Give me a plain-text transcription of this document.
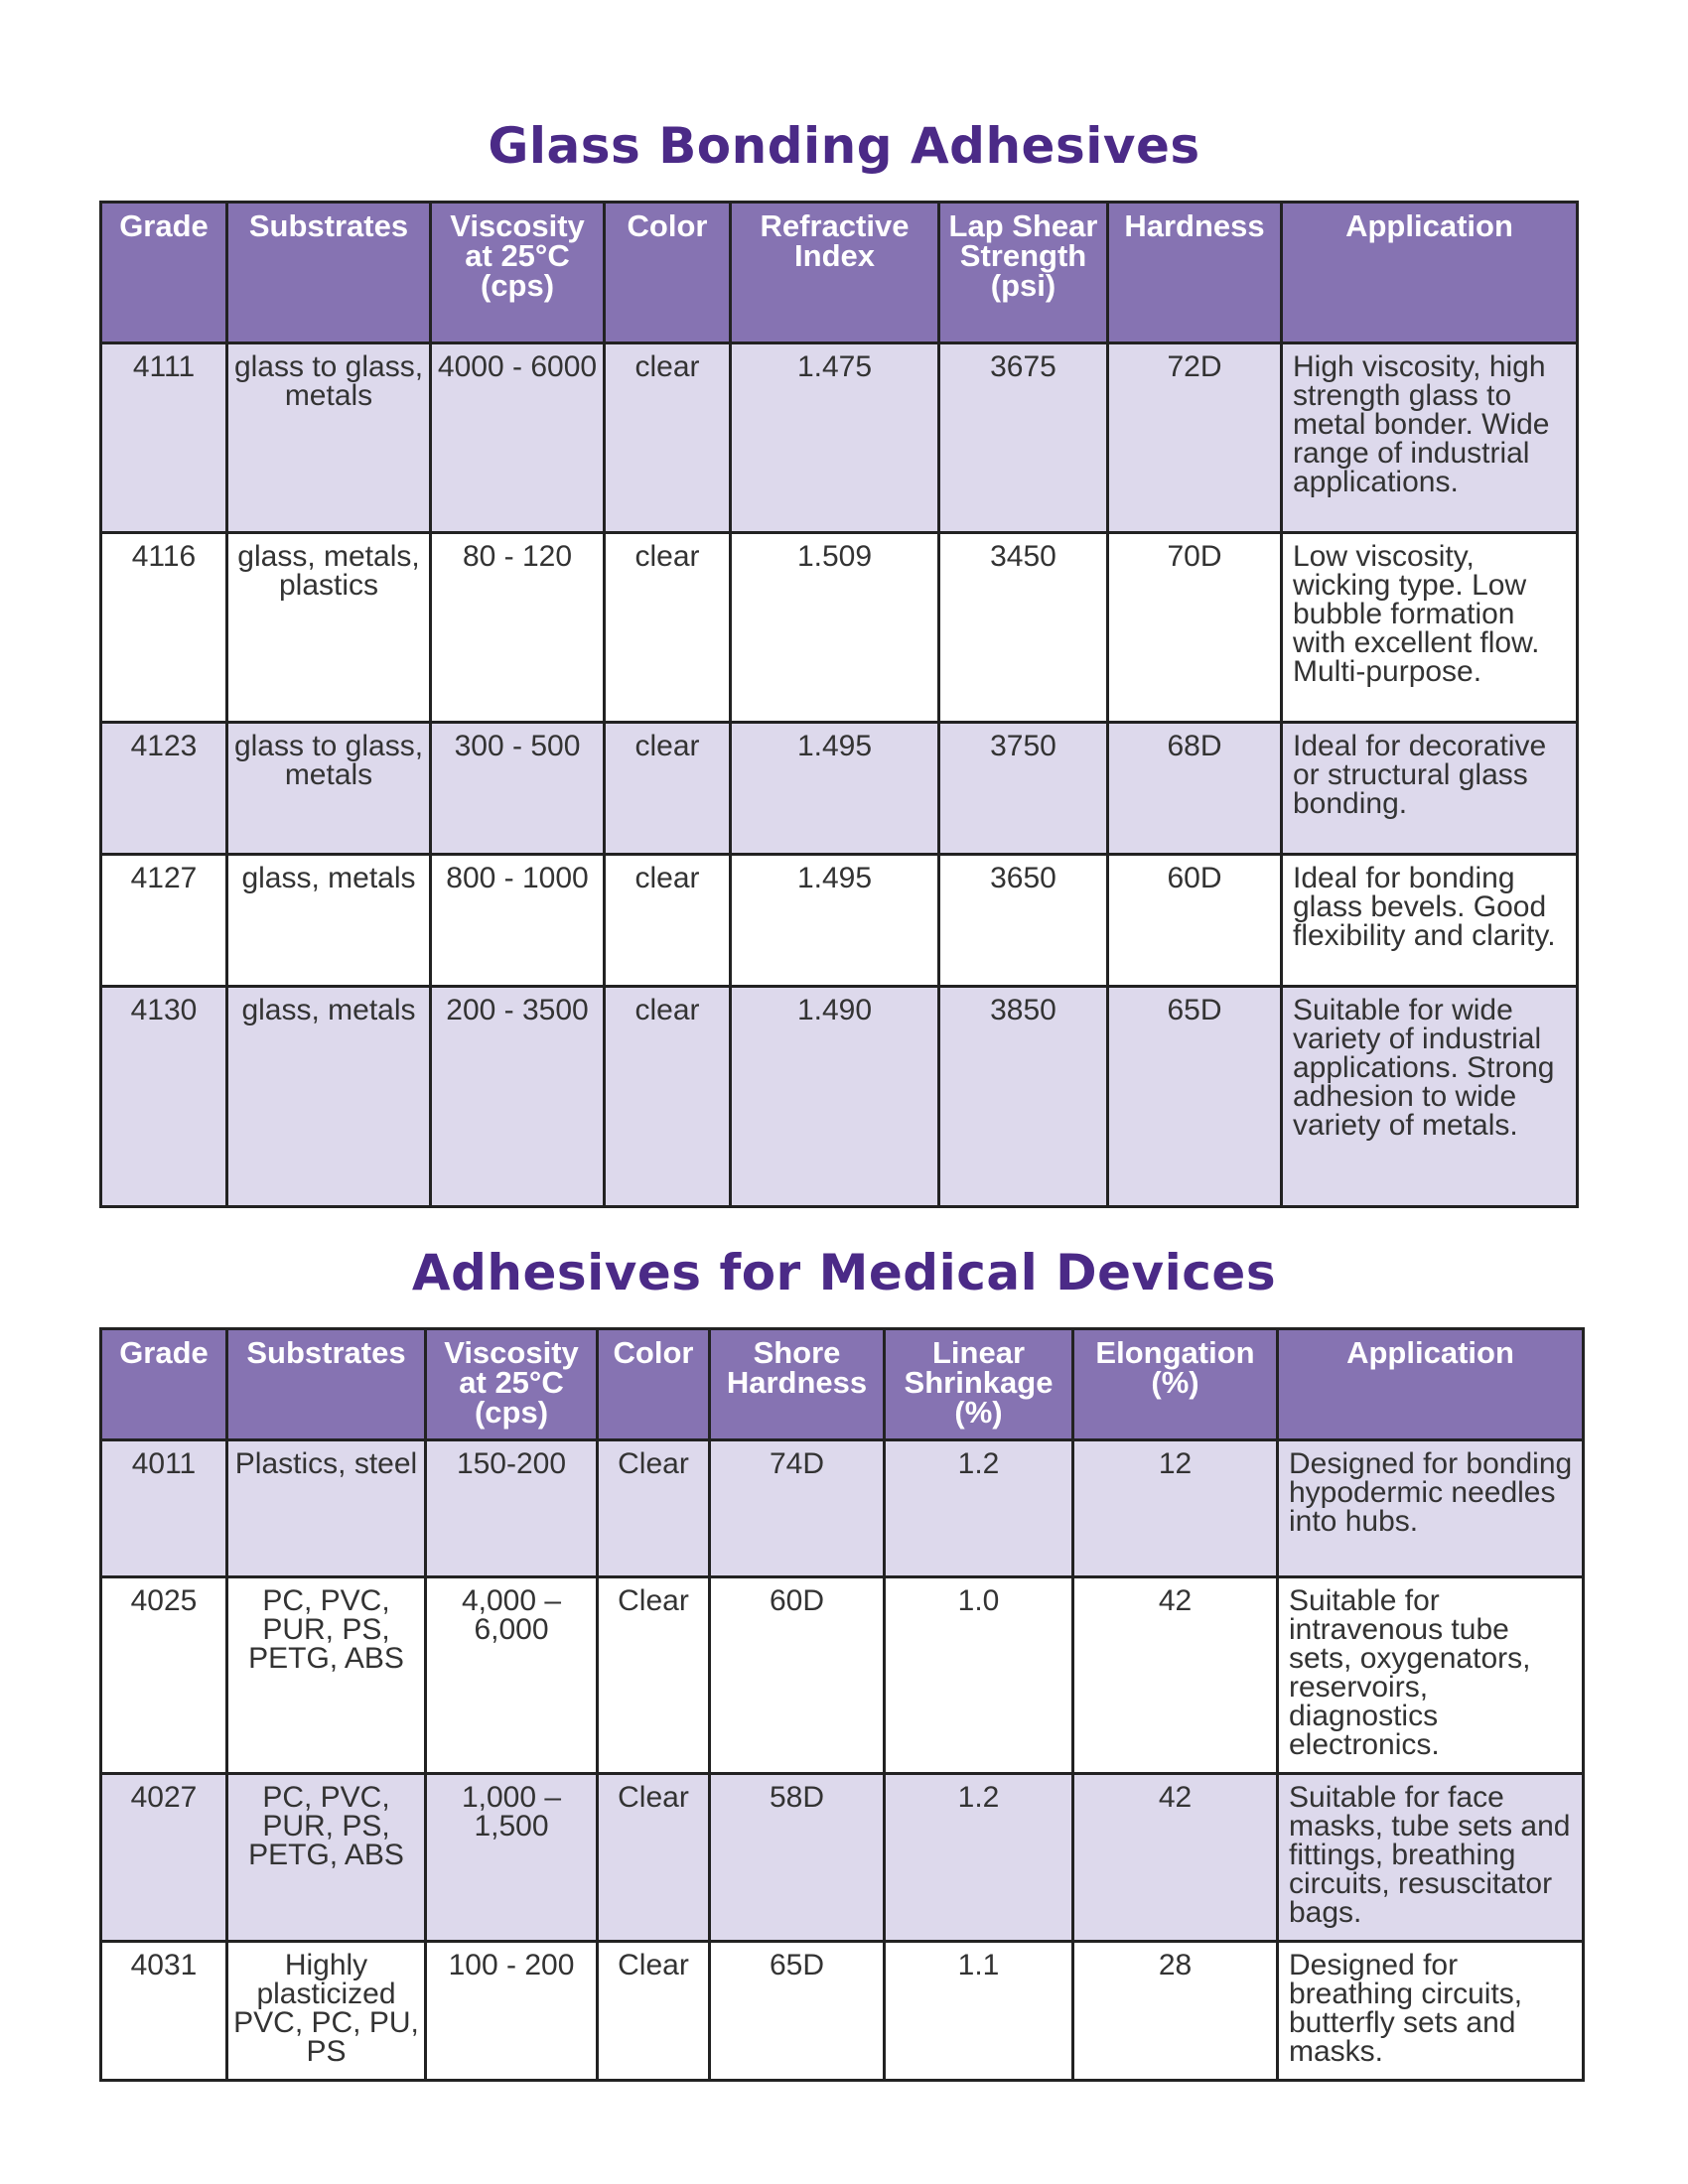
Glass Bonding Adhesives
Grade	Substrates	Viscosity at 25°C (cps)	Color	Refractive Index	Lap Shear Strength (psi)	Hardness	Application
4111	glass to glass, metals	4000 - 6000	clear	1.475	3675	72D	High viscosity, high strength glass to metal bonder. Wide range of industrial applications.
4116	glass, metals, plastics	80 - 120	clear	1.509	3450	70D	Low viscosity, wicking type. Low bubble formation with excellent flow. Multi-purpose.
4123	glass to glass, metals	300 - 500	clear	1.495	3750	68D	Ideal for decorative or structural glass bonding.
4127	glass, metals	800 - 1000	clear	1.495	3650	60D	Ideal for bonding glass bevels. Good flexibility and clarity.
4130	glass, metals	200 - 3500	clear	1.490	3850	65D	Suitable for wide variety of industrial applications. Strong adhesion to wide variety of metals.
Adhesives for Medical Devices
Grade	Substrates	Viscosity at 25°C (cps)	Color	Shore Hardness	Linear Shrinkage (%)	Elongation (%)	Application
4011	Plastics, steel	150-200	Clear	74D	1.2	12	Designed for bonding hypodermic needles into hubs.
4025	PC, PVC, PUR, PS, PETG, ABS	4,000 – 6,000	Clear	60D	1.0	42	Suitable for intravenous tube sets, oxygenators, reservoirs, diagnostics electronics.
4027	PC, PVC, PUR, PS, PETG, ABS	1,000 – 1,500	Clear	58D	1.2	42	Suitable for face masks, tube sets and fittings, breathing circuits, resuscitator bags.
4031	Highly plasticized PVC, PC, PU, PS	100 - 200	Clear	65D	1.1	28	Designed for breathing circuits, butterfly sets and masks.
